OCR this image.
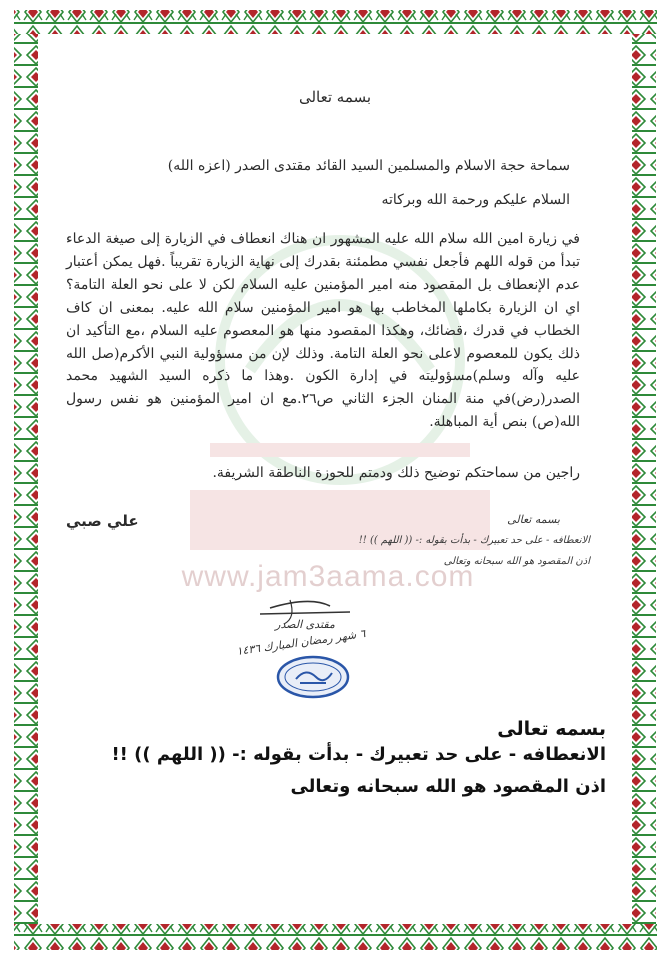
www.jam3aama.com
بسمه تعالى
سماحة حجة الاسلام والمسلمين السيد القائد مقتدى الصدر (اعزه الله)
السلام عليكم ورحمة الله وبركاته
في زيارة امين الله سلام الله عليه المشهور ان هناك انعطاف في الزيارة إلى صيغة الدعاء تبدأ من قوله اللهم فأجعل نفسي مطمئنة بقدرك إلى نهاية الزيارة تقريباً .فهل يمكن أعتبار عدم الإنعطاف بل المقصود منه امير المؤمنين عليه السلام لكن لا على نحو العلة التامة؟ اي ان الزيارة بكاملها المخاطب بها هو امير المؤمنين سلام الله عليه. بمعنى ان كاف الخطاب في قدرك ،قضائك، وهكذا المقصود منها هو المعصوم عليه السلام ،مع التأكيد ان ذلك يكون للمعصوم لاعلى نحو العلة التامة. وذلك لإن من مسؤولية النبي الأكرم(صل الله عليه وآله وسلم)مسؤوليته في إدارة الكون .وهذا ما ذكره السيد الشهيد محمد الصدر(رض)في منة المنان الجزء الثاني ص٢٦.مع ان امير المؤمنين هو نفس رسول الله(ص) بنص أية المباهلة.
راجين من سماحتكم توضيح ذلك ودمتم للحوزة الناطقة الشريفة.
علي صبي	بسمه تعالى
الانعطافه - على حد تعبيرك - بدأت بقوله :- (( اللهم )) !!
اذن المقصود هو الله سبحانه وتعالى
مقتدى الصدر
٦ شهر رمضان المبارك ١٤٣٦
بسمه تعالى
الانعطافه - على حد تعبيرك - بدأت بقوله :- (( اللهم )) !!
اذن المقصود هو الله سبحانه وتعالى
